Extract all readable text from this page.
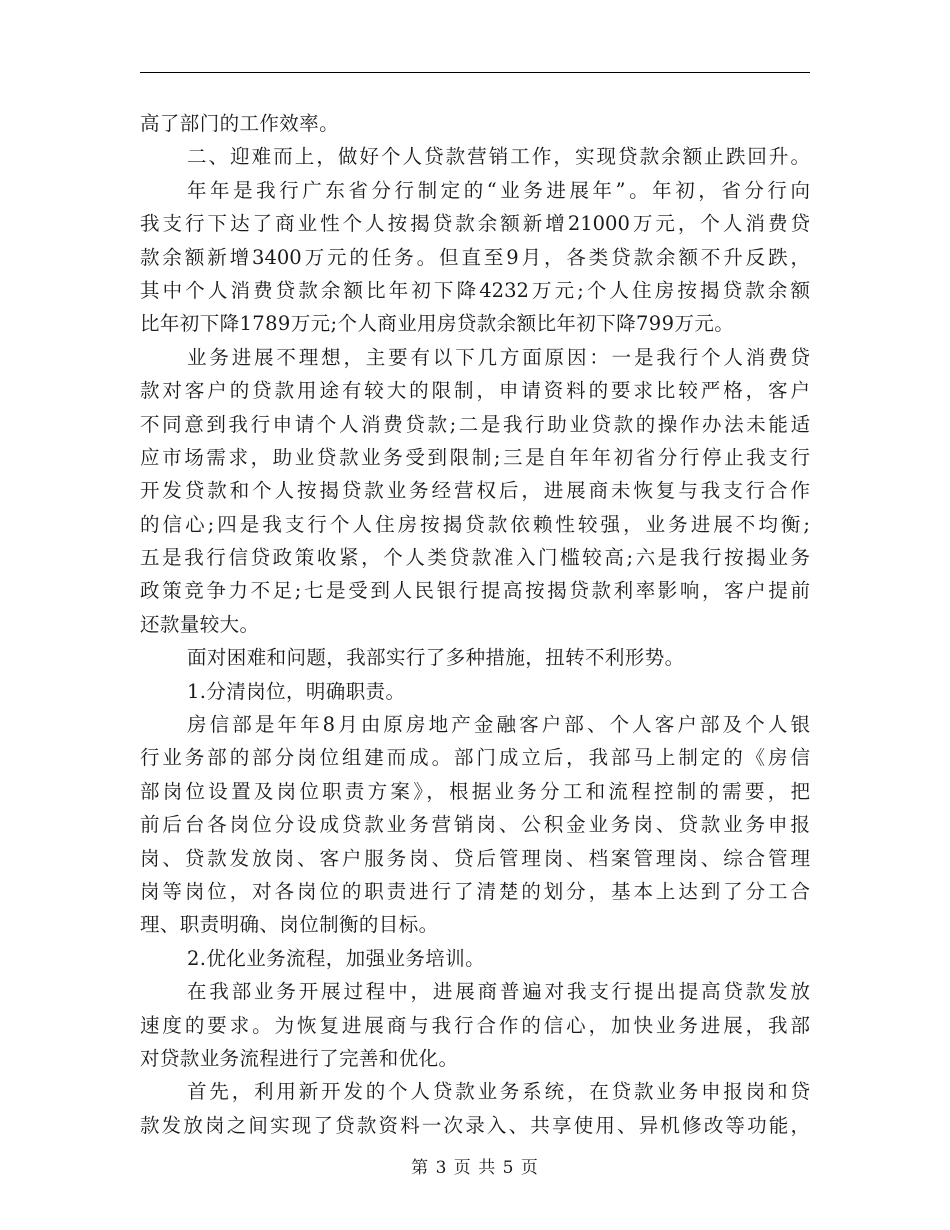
高了部门的工作效率。
二、迎难而上，做好个人贷款营销工作，实现贷款余额止跌回升。
年年是我行广东省分行制定的“业务进展年”。年初，省分行向
我支行下达了商业性个人按揭贷款余额新增21000万元，个人消费贷
款余额新增3400万元的任务。但直至9月，各类贷款余额不升反跌，
其中个人消费贷款余额比年初下降4232万元;个人住房按揭贷款余额
比年初下降1789万元;个人商业用房贷款余额比年初下降799万元。
业务进展不理想，主要有以下几方面原因：一是我行个人消费贷
款对客户的贷款用途有较大的限制，申请资料的要求比较严格，客户
不同意到我行申请个人消费贷款;二是我行助业贷款的操作办法未能适
应市场需求，助业贷款业务受到限制;三是自年年初省分行停止我支行
开发贷款和个人按揭贷款业务经营权后，进展商未恢复与我支行合作
的信心;四是我支行个人住房按揭贷款依赖性较强，业务进展不均衡;
五是我行信贷政策收紧，个人类贷款准入门槛较高;六是我行按揭业务
政策竞争力不足;七是受到人民银行提高按揭贷款利率影响，客户提前
还款量较大。
面对困难和问题，我部实行了多种措施，扭转不利形势。
1.分清岗位，明确职责。
房信部是年年8月由原房地产金融客户部、个人客户部及个人银
行业务部的部分岗位组建而成。部门成立后，我部马上制定的《房信
部岗位设置及岗位职责方案》，根据业务分工和流程控制的需要，把
前后台各岗位分设成贷款业务营销岗、公积金业务岗、贷款业务申报
岗、贷款发放岗、客户服务岗、贷后管理岗、档案管理岗、综合管理
岗等岗位，对各岗位的职责进行了清楚的划分，基本上达到了分工合
理、职责明确、岗位制衡的目标。
2.优化业务流程，加强业务培训。
在我部业务开展过程中，进展商普遍对我支行提出提高贷款发放
速度的要求。为恢复进展商与我行合作的信心，加快业务进展，我部
对贷款业务流程进行了完善和优化。
首先，利用新开发的个人贷款业务系统，在贷款业务申报岗和贷
款发放岗之间实现了贷款资料一次录入、共享使用、异机修改等功能，
第 3 页 共 5 页
